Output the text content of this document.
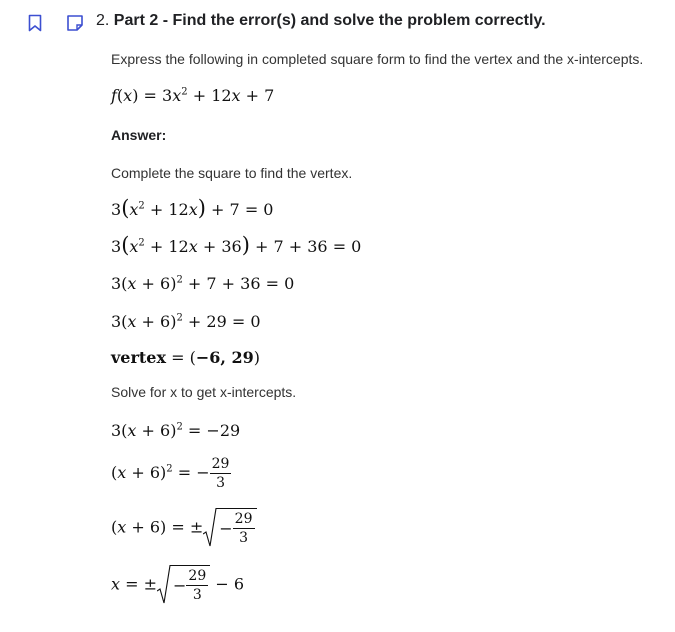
2. Part 2 - Find the error(s) and solve the problem correctly.
Express the following in completed square form to find the vertex and the x-intercepts.
$f(x) = 3x^2 + 12x + 7$
Answer:
Complete the square to find the vertex.
$3(x^2 + 12x) + 7 = 0$
$3(x^2 + 12x + 36) + 7 + 36 = 0$
$3(x + 6)^2 + 7 + 36 = 0$
$3(x + 6)^2 + 29 = 0$
vertex = (−6, 29)
Solve for x to get x-intercepts.
$3(x + 6)^2 = -29$
$(x + 6)^2$ = − $\frac{29}{3}$
(x + 6) = ± − $\frac{29}{3}$
x = ± − $\frac{29}{3} - 6$
